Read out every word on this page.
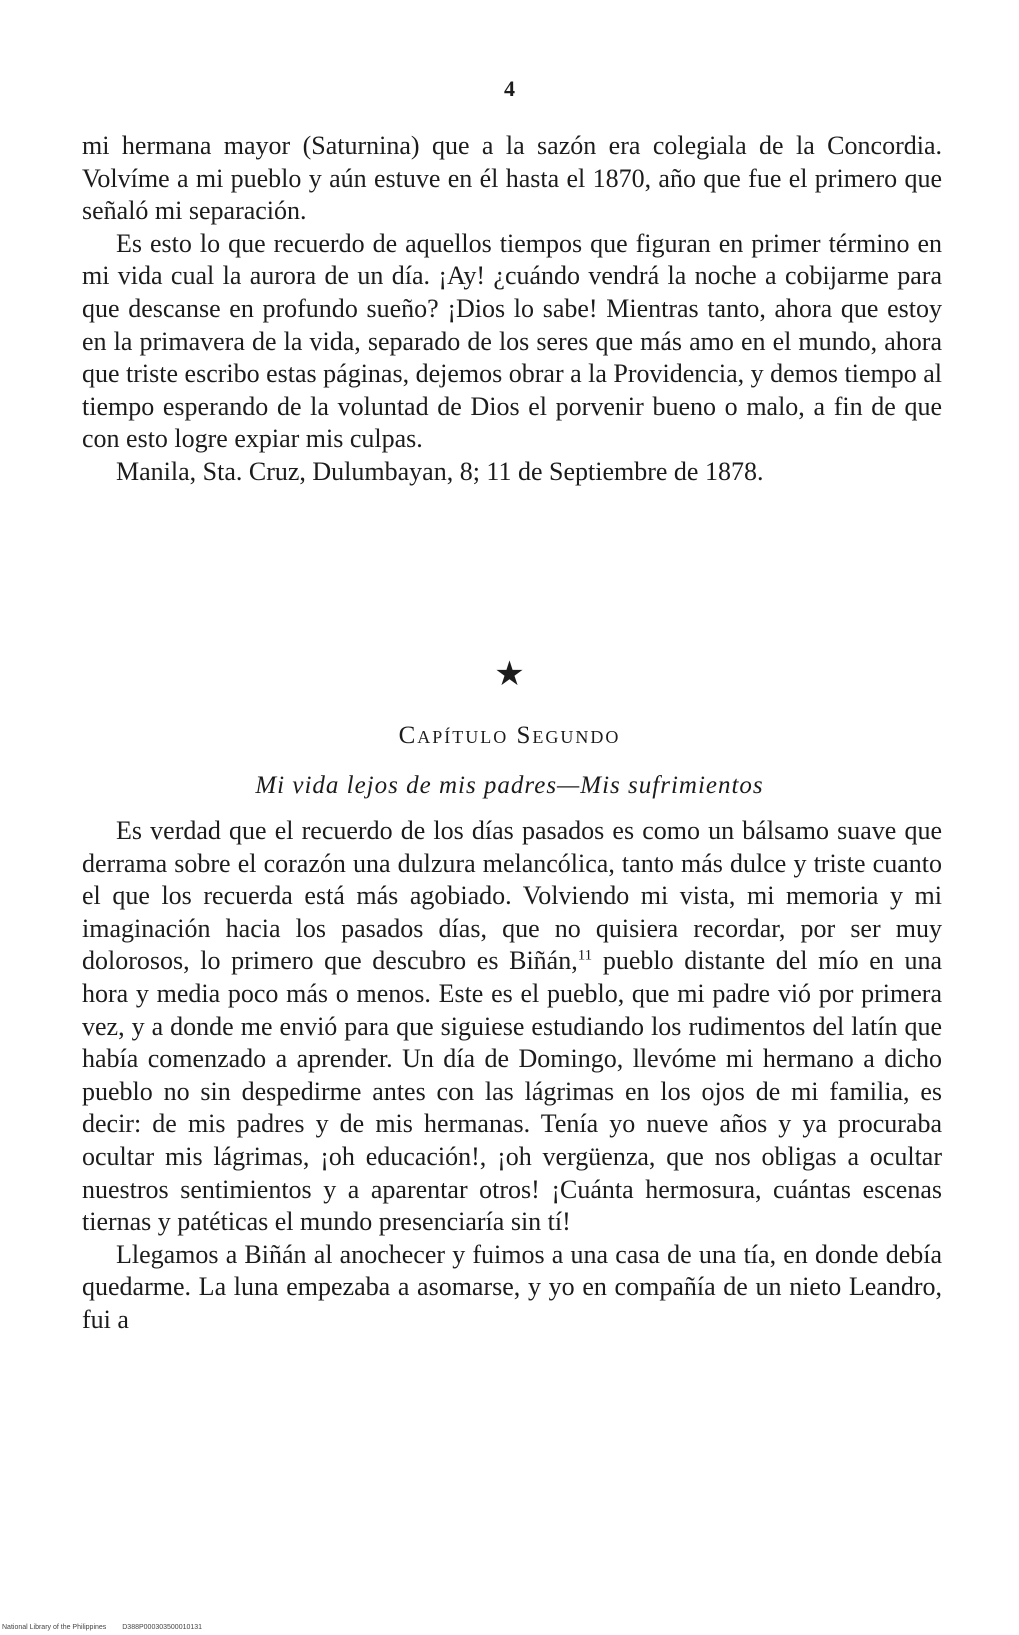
4

mi hermana mayor (Saturnina) que a la sazón era colegiala de la Concordia. Volvíme a mi pueblo y aún estuve en él hasta el 1870, año que fue el primero que señaló mi separación.

Es esto lo que recuerdo de aquellos tiempos que figuran en primer término en mi vida cual la aurora de un día. ¡Ay! ¿cuándo vendrá la noche a cobijarme para que descanse en profundo sueño? ¡Dios lo sabe! Mientras tanto, ahora que estoy en la primavera de la vida, separado de los seres que más amo en el mundo, ahora que triste escribo estas páginas, dejemos obrar a la Providencia, y demos tiempo al tiempo esperando de la voluntad de Dios el porvenir bueno o malo, a fin de que con esto logre expiar mis culpas.

Manila, Sta. Cruz, Dulumbayan, 8; 11 de Septiembre de 1878.

★
Capítulo Segundo
Mi vida lejos de mis padres—Mis sufrimientos

Es verdad que el recuerdo de los días pasados es como un bálsamo suave que derrama sobre el corazón una dulzura melancólica, tanto más dulce y triste cuanto el que los recuerda está más agobiado. Volviendo mi vista, mi memoria y mi imaginación hacia los pasados días, que no quisiera recordar, por ser muy dolorosos, lo primero que descubro es Biñán,$^{11}$ pueblo distante del mío en una hora y media poco más o menos. Este es el pueblo, que mi padre vió por primera vez, y a donde me envió para que siguiese estudiando los rudimentos del latín que había comenzado a aprender. Un día de Domingo, llevóme mi hermano a dicho pueblo no sin despedirme antes con las lágrimas en los ojos de mi familia, es decir: de mis padres y de mis hermanas. Tenía yo nueve años y ya procuraba ocultar mis lágrimas, ¡oh educación!, ¡oh vergüenza, que nos obligas a ocultar nuestros sentimientos y a aparentar otros! ¡Cuánta hermosura, cuántas escenas tiernas y patéticas el mundo presenciaría sin tí!

Llegamos a Biñán al anochecer y fuimos a una casa de una tía, en donde debía quedarme. La luna empezaba a asomarse, y yo en compañía de un nieto Leandro, fui a

National Library of the Philippines D388P000303500010131
